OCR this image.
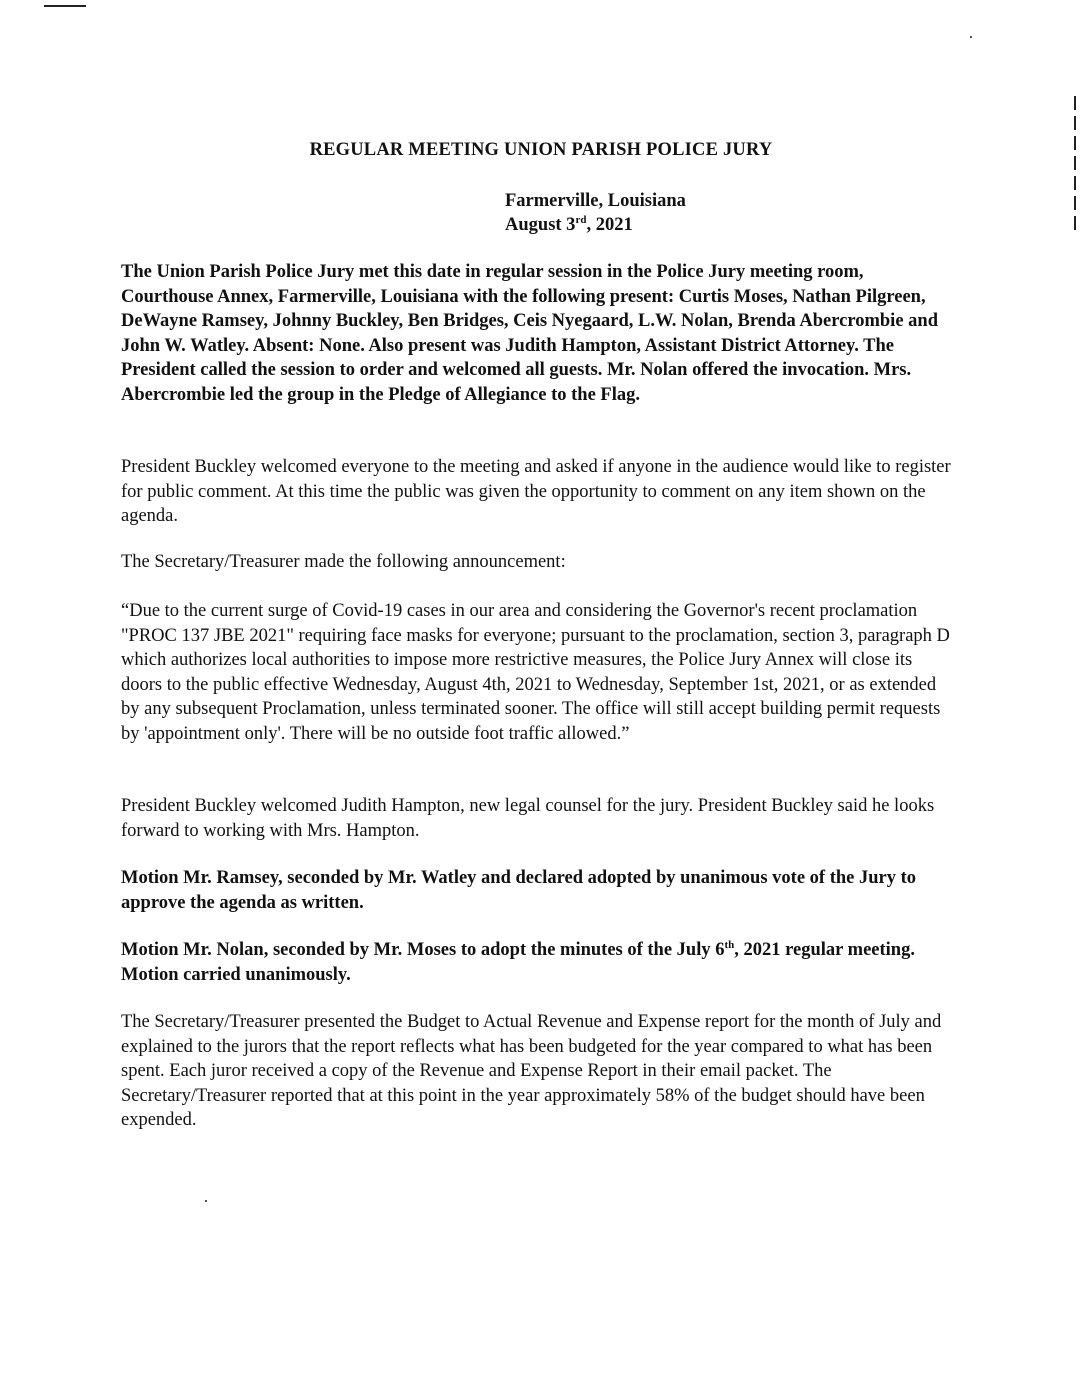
REGULAR MEETING UNION PARISH POLICE JURY
Farmerville, Louisiana
August 3rd, 2021

The Union Parish Police Jury met this date in regular session in the Police Jury meeting room, Courthouse Annex, Farmerville, Louisiana with the following present: Curtis Moses, Nathan Pilgreen, DeWayne Ramsey, Johnny Buckley, Ben Bridges, Ceis Nyegaard, L.W. Nolan, Brenda Abercrombie and John W. Watley. Absent: None. Also present was Judith Hampton, Assistant District Attorney. The President called the session to order and welcomed all guests. Mr. Nolan offered the invocation. Mrs. Abercrombie led the group in the Pledge of Allegiance to the Flag.

President Buckley welcomed everyone to the meeting and asked if anyone in the audience would like to register for public comment. At this time the public was given the opportunity to comment on any item shown on the agenda.

The Secretary/Treasurer made the following announcement:

“Due to the current surge of Covid-19 cases in our area and considering the Governor's recent proclamation "PROC 137 JBE 2021" requiring face masks for everyone; pursuant to the proclamation, section 3, paragraph D which authorizes local authorities to impose more restrictive measures, the Police Jury Annex will close its doors to the public effective Wednesday, August 4th, 2021 to Wednesday, September 1st, 2021, or as extended by any subsequent Proclamation, unless terminated sooner. The office will still accept building permit requests by 'appointment only'. There will be no outside foot traffic allowed.”

President Buckley welcomed Judith Hampton, new legal counsel for the jury. President Buckley said he looks forward to working with Mrs. Hampton.

Motion Mr. Ramsey, seconded by Mr. Watley and declared adopted by unanimous vote of the Jury to approve the agenda as written.

Motion Mr. Nolan, seconded by Mr. Moses to adopt the minutes of the July 6th, 2021 regular meeting. Motion carried unanimously.

The Secretary/Treasurer presented the Budget to Actual Revenue and Expense report for the month of July and explained to the jurors that the report reflects what has been budgeted for the year compared to what has been spent. Each juror received a copy of the Revenue and Expense Report in their email packet. The Secretary/Treasurer reported that at this point in the year approximately 58% of the budget should have been expended.
